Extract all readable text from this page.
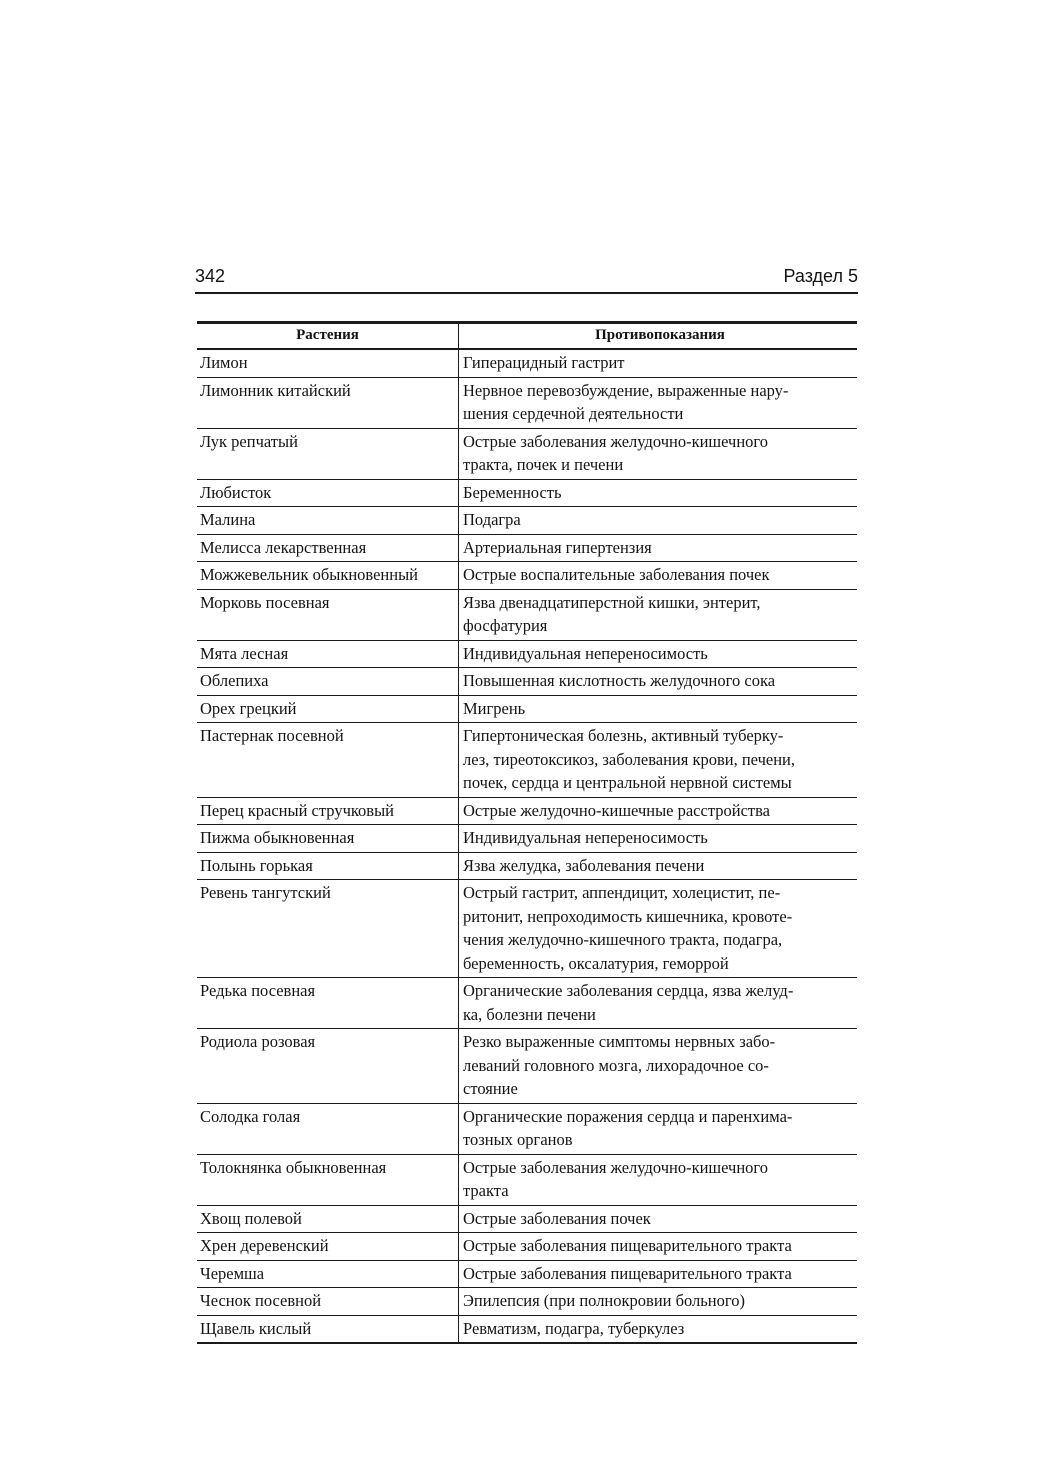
342	Раздел 5
Растения	Противопоказания
Лимон	Гиперацидный гастрит

Лимонник китайский	Нервное перевозбуждение, выраженные нару-
шения сердечной деятельности

Лук репчатый	Острые заболевания желудочно-кишечного
тракта, почек и печени

Любисток	Беременность

Малина	Подагра

Мелисса лекарственная	Артериальная гипертензия

Можжевельник обыкновенный	Острые воспалительные заболевания почек

Морковь посевная	Язва двенадцатиперстной кишки, энтерит,
фосфатурия

Мята лесная	Индивидуальная непереносимость

Облепиха	Повышенная кислотность желудочного сока

Орех грецкий	Мигрень

Пастернак посевной	Гипертоническая болезнь, активный туберку-
лез, тиреотоксикоз, заболевания крови, печени,
почек, сердца и центральной нервной системы

Перец красный стручковый	Острые желудочно-кишечные расстройства

Пижма обыкновенная	Индивидуальная непереносимость

Полынь горькая	Язва желудка, заболевания печени

Ревень тангутский	Острый гастрит, аппендицит, холецистит, пе-
ритонит, непроходимость кишечника, кровоте-
чения желудочно-кишечного тракта, подагра,
беременность, оксалатурия, геморрой

Редька посевная	Органические заболевания сердца, язва желуд-
ка, болезни печени

Родиола розовая	Резко выраженные симптомы нервных забо-
леваний головного мозга, лихорадочное со-
стояние

Солодка голая	Органические поражения сердца и паренхима-
тозных органов

Толокнянка обыкновенная	Острые заболевания желудочно-кишечного
тракта

Хвощ полевой	Острые заболевания почек

Хрен деревенский	Острые заболевания пищеварительного тракта

Черемша	Острые заболевания пищеварительного тракта

Чеснок посевной	Эпилепсия (при полнокровии больного)

Щавель кислый	Ревматизм, подагра, туберкулез
